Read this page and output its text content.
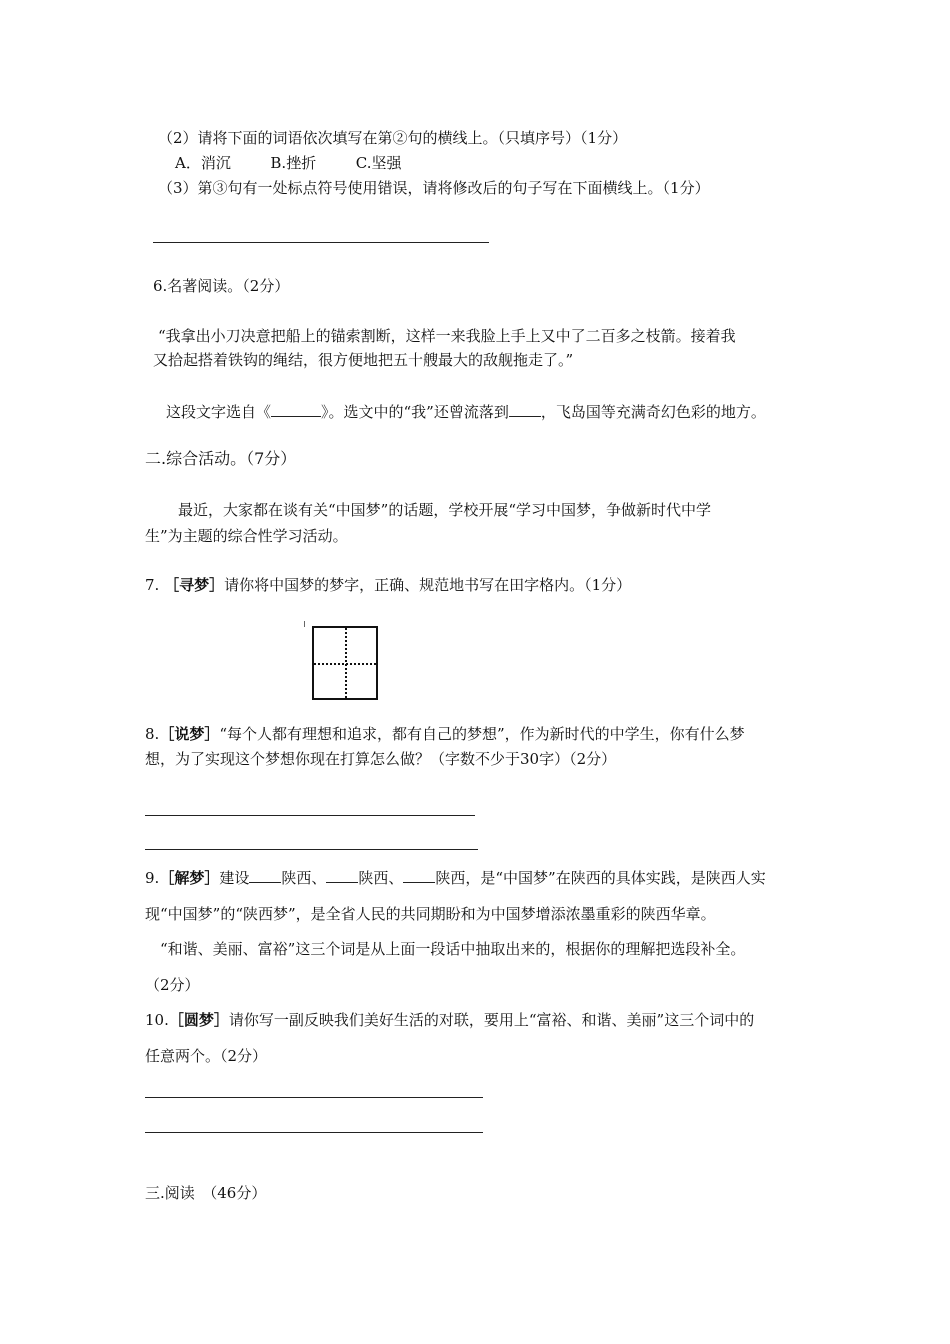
（2）请将下面的词语依次填写在第②句的横线上。（只填序号）（1分）
A．消沉	B.挫折	C.坚强
（3）第③句有一处标点符号使用错误，请将修改后的句子写在下面横线上。（1分）
6.名著阅读。（2分）
“我拿出小刀决意把船上的锚索割断，这样一来我脸上手上又中了二百多之枝箭。接着我
又拾起搭着铁钩的绳结，很方便地把五十艘最大的敌舰拖走了。”
这段文字选自《	》。选文中的“我”还曾流落到 ，飞岛国等充满奇幻色彩的地方。
二.综合活动。（7分）
最近，大家都在谈有关“中国梦”的话题，学校开展“学习中国梦，争做新时代中学
生”为主题的综合性学习活动。
7. ［寻梦］请你将中国梦的梦字，正确、规范地书写在田字格内。（1分）
8.［说梦］“每个人都有理想和追求，都有自己的梦想”，作为新时代的中学生，你有什么梦
想，为了实现这个梦想你现在打算怎么做？（字数不少于30字）（2分）
9.［解梦］建设 陕西、 陕西、 陕西，是“中国梦”在陕西的具体实践，是陕西人实
现“中国梦”的“陕西梦”，是全省人民的共同期盼和为中国梦增添浓墨重彩的陕西华章。
“和谐、美丽、富裕”这三个词是从上面一段话中抽取出来的，根据你的理解把选段补全。
（2分）
10.［圆梦］请你写一副反映我们美好生活的对联，要用上“富裕、和谐、美丽”这三个词中的
任意两个。（2分）
三.阅读　（46分）
